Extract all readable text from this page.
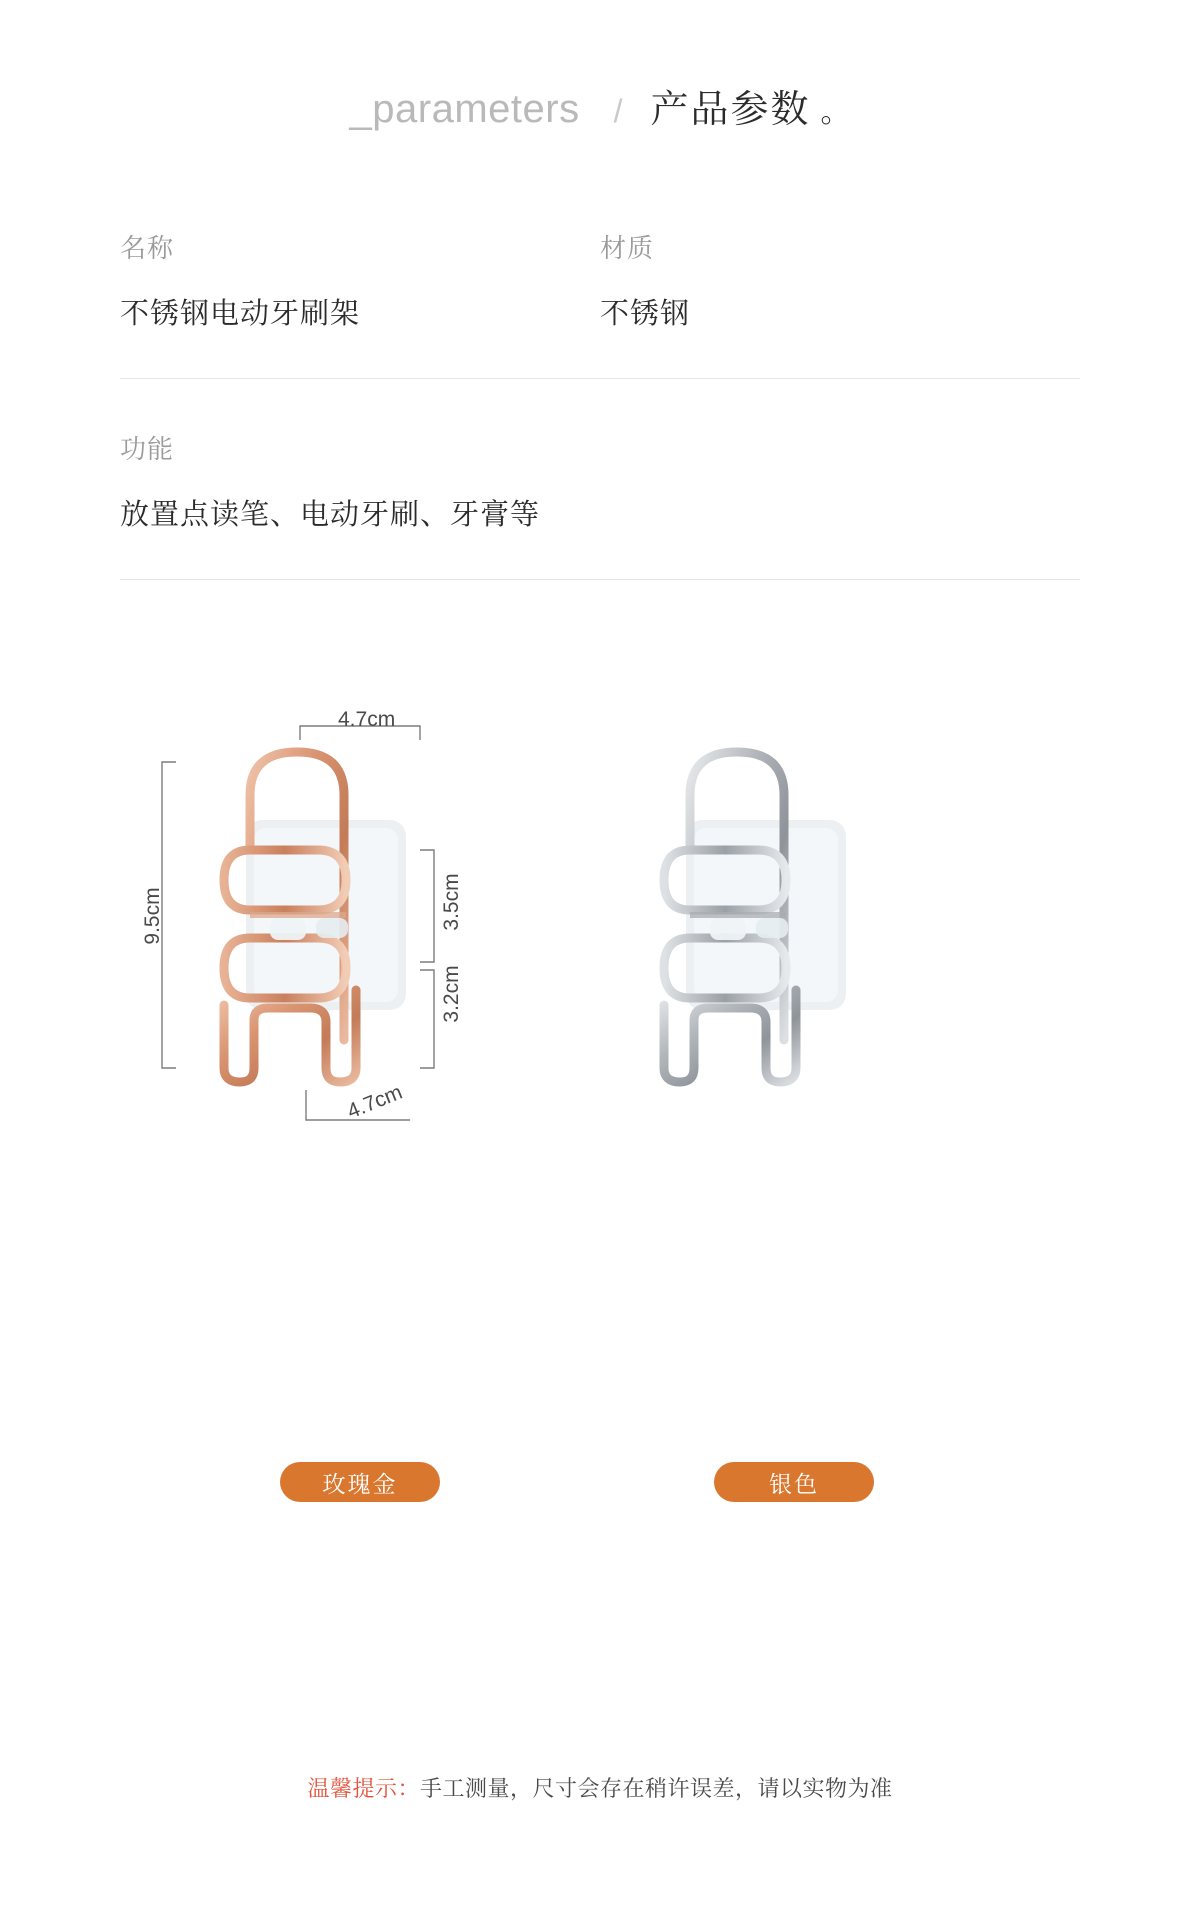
_parameters / 产品参数 。
名称
不锈钢电动牙刷架
材质
不锈钢
功能
放置点读笔、电动牙刷、牙膏等
4.7cm
9.5cm	3.5cm
3.2cm
4.7cm
玫瑰金	银色
温馨提示：手工测量，尺寸会存在稍许误差，请以实物为准
